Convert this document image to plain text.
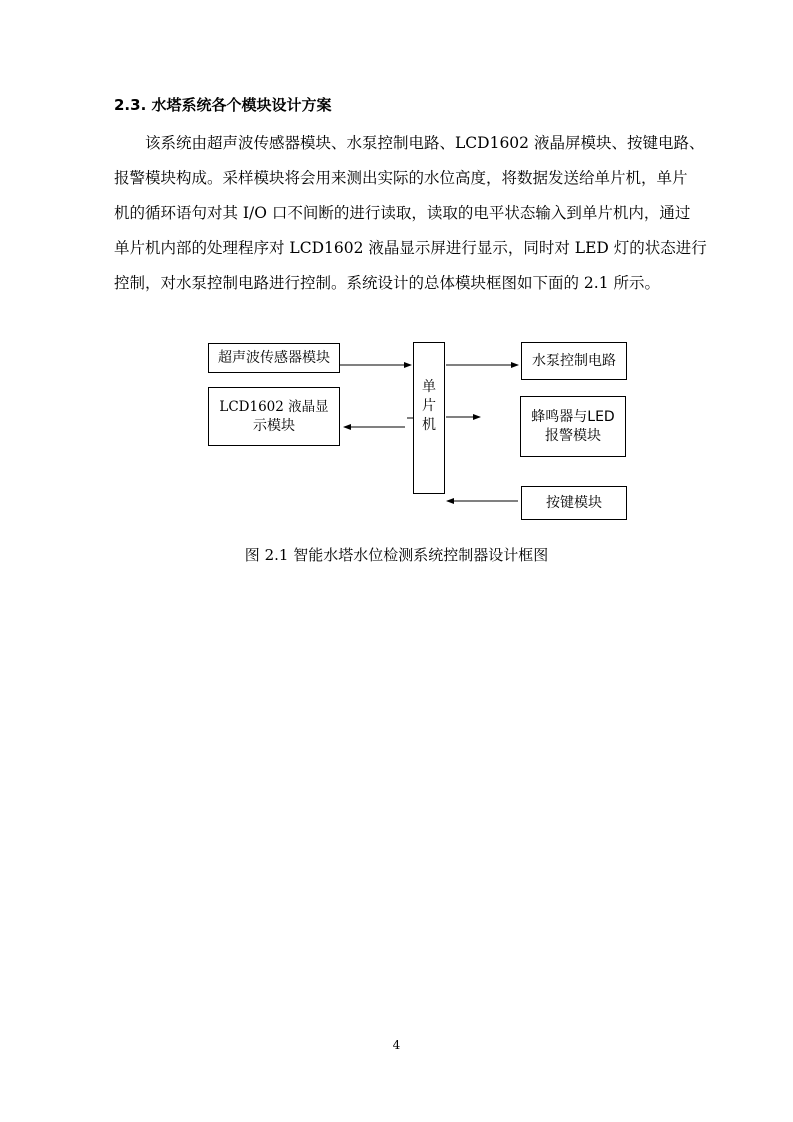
2.3. 水塔系统各个模块设计方案
该系统由超声波传感器模块、水泵控制电路、LCD1602 液晶屏模块、按键电路、
报警模块构成。采样模块将会用来测出实际的水位高度，将数据发送给单片机，单片
机的循环语句对其 I/O 口不间断的进行读取，读取的电平状态输入到单片机内，通过
单片机内部的处理程序对 LCD1602 液晶显示屏进行显示，同时对 LED 灯的状态进行
控制，对水泵控制电路进行控制。系统设计的总体模块框图如下面的 2.1 所示。
超声波传感器模块
LCD1602 液晶显
示模块
单
片
机
水泵控制电路
蜂鸣器与LED
报警模块
按键模块
图 2.1 智能水塔水位检测系统控制器设计框图
4
